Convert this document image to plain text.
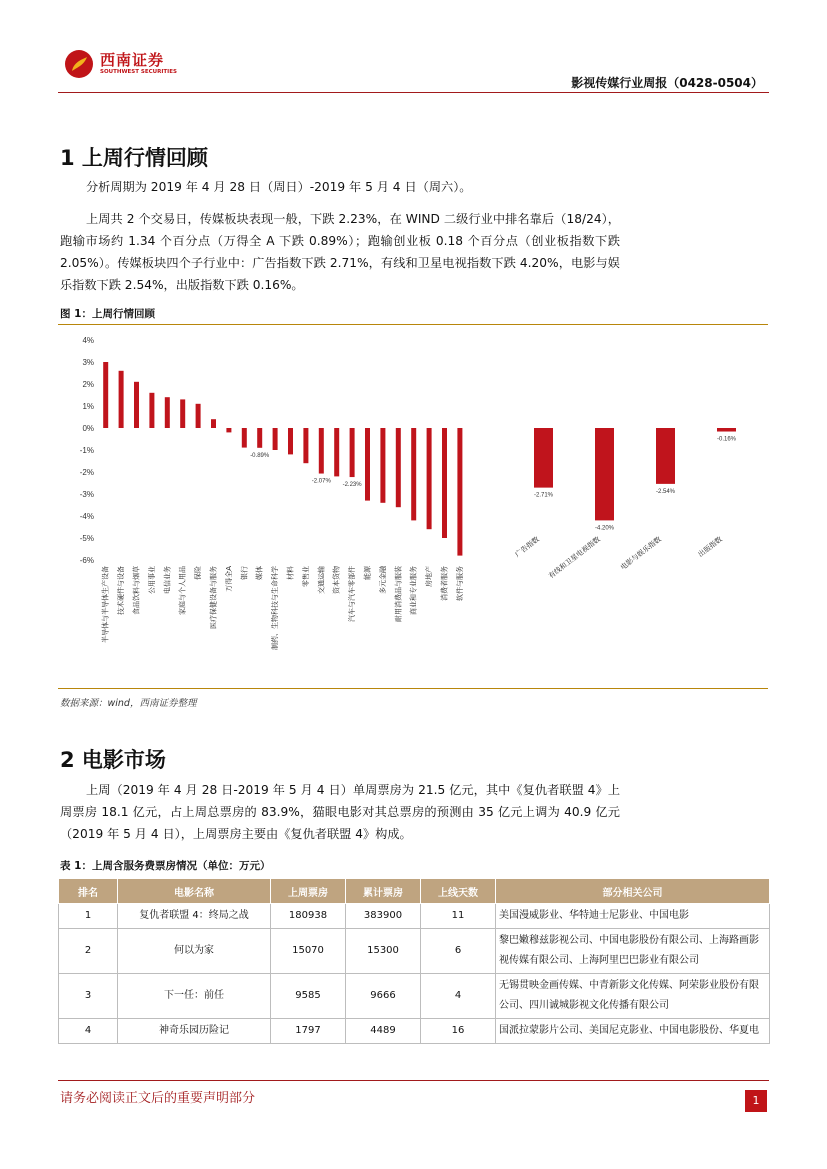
西南证券
SOUTHWEST SECURITIES
影视传媒行业周报（0428-0504）
1 上周行情回顾

分析周期为 2019 年 4 月 28 日（周日）-2019 年 5 月 4 日（周六）。

上周共 2 个交易日，传媒板块表现一般，下跌 2.23%，在 WIND 二级行业中排名靠后（18/24），跑输市场约 1.34 个百分点（万得全 A 下跌 0.89%）；跑输创业板 0.18 个百分点（创业板指数下跌 2.05%）。传媒板块四个子行业中：广告指数下跌 2.71%，有线和卫星电视指数下跌 4.20%，电影与娱乐指数下跌 2.54%，出版指数下跌 0.16%。

图 1：上周行情回顾
-6%
-5%
-4%
-3%
-2%
-1%
0%
1%
2%
3%
4%
半导体与半导体生产设备 技术硬件与设备 食品饮料与烟草 公用事业 电信业务 家庭与个人用品 保险 医疗保健设备与服务 万得全A 银行
-0.89%
媒体 制药、生物科技与生命科学 材料 零售业
-2.07%
交通运输 资本货物
-2.23%
汽车与汽车零部件 能源 多元金融 耐用消费品与服装 商业和专业服务 房地产 消费者服务 软件与服务
-2.71%
广告指数
-4.20%
有线和卫星电视指数
-2.54%
电影与娱乐指数
-0.16%
出版指数
数据来源：wind，西南证券整理
2 电影市场

上周（2019 年 4 月 28 日-2019 年 5 月 4 日）单周票房为 21.5 亿元，其中《复仇者联盟 4》上周票房 18.1 亿元，占上周总票房的 83.9%，猫眼电影对其总票房的预测由 35 亿元上调为 40.9 亿元（2019 年 5 月 4 日），上周票房主要由《复仇者联盟 4》构成。

表 1：上周含服务费票房情况（单位：万元）
排名	电影名称	上周票房	累计票房	上线天数	部分相关公司
1	复仇者联盟 4：终局之战	180938	383900	11	美国漫威影业、华特迪士尼影业、中国电影
2	何以为家	15070	15300	6	黎巴嫩穆兹影视公司、中国电影股份有限公司、上海路画影视传媒有限公司、上海阿里巴巴影业有限公司
3	下一任：前任	9585	9666	4	无锡贯映金画传媒、中青新影文化传媒、阿荣影业股份有限公司、四川诚城影视文化传播有限公司
4	神奇乐园历险记	1797	4489	16	国派拉蒙影片公司、美国尼克影业、中国电影股份、华夏电
请务必阅读正文后的重要声明部分	1
